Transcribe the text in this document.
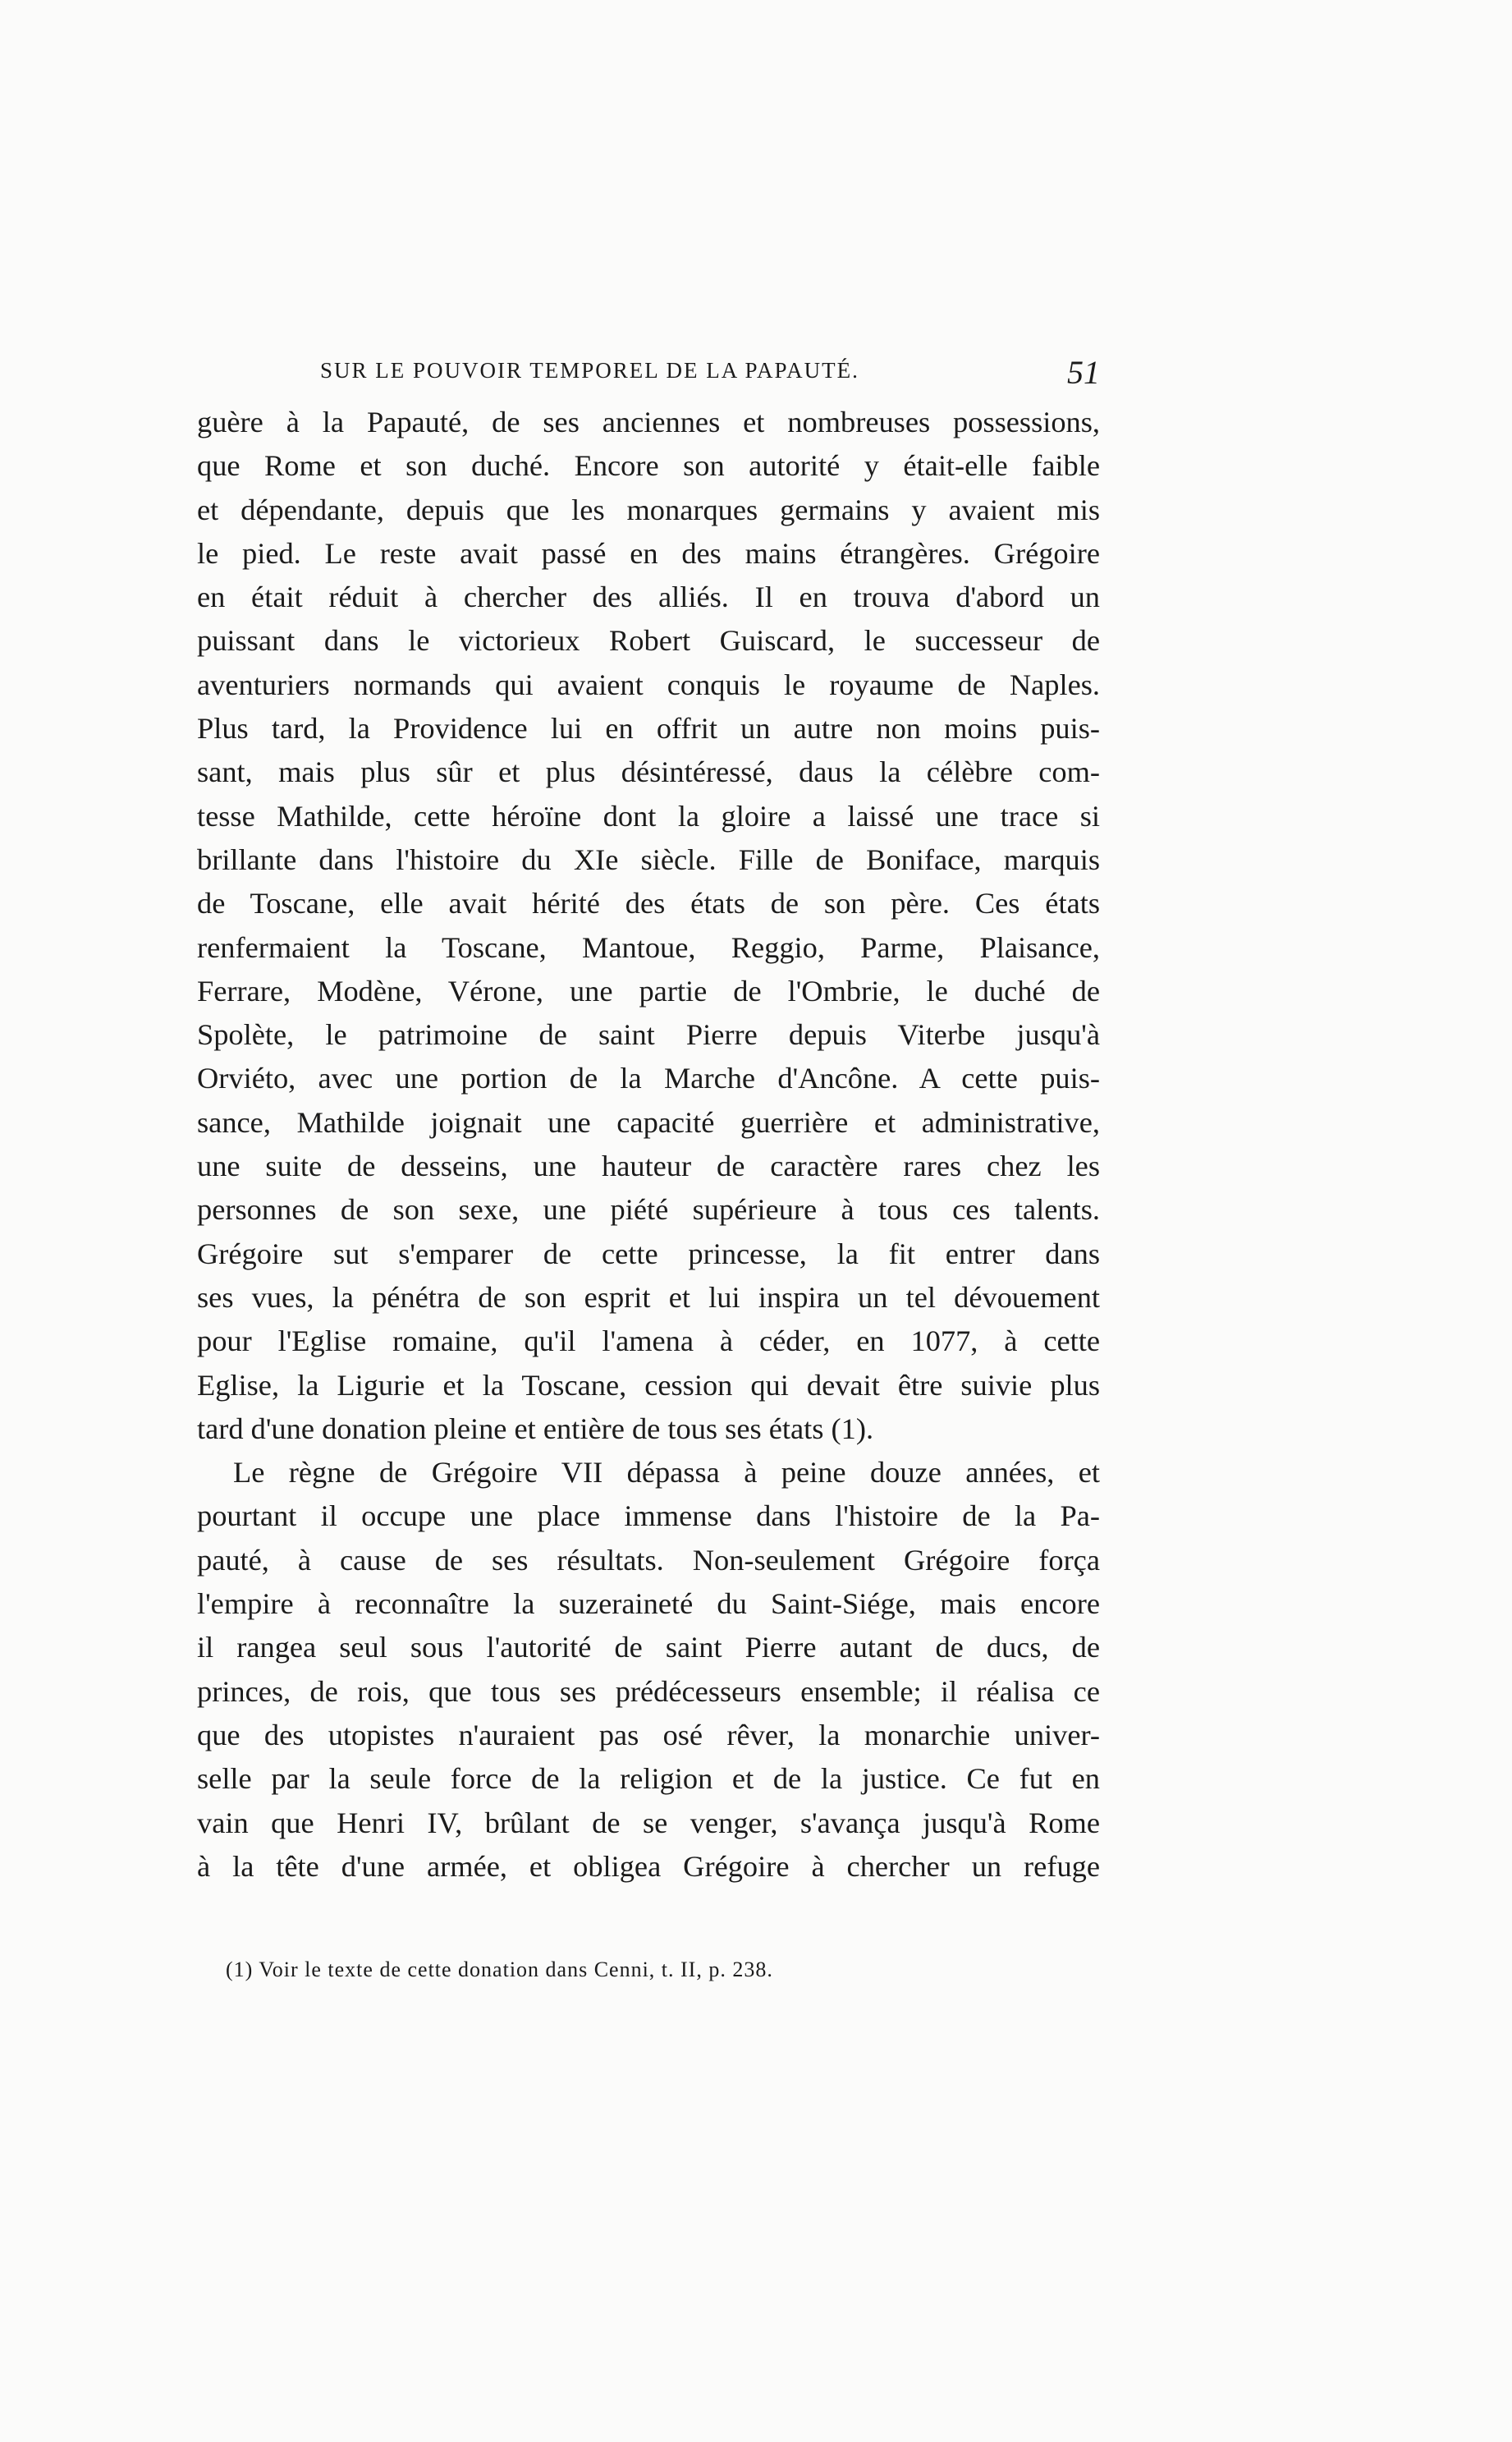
SUR LE POUVOIR TEMPOREL DE LA PAPAUTÉ.	51
guère à la Papauté, de ses anciennes et nombreuses possessions,
que Rome et son duché. Encore son autorité y était-elle faible
et dépendante, depuis que les monarques germains y avaient mis
le pied. Le reste avait passé en des mains étrangères. Grégoire
en était réduit à chercher des alliés. Il en trouva d'abord un
puissant dans le victorieux Robert Guiscard, le successeur de
aventuriers normands qui avaient conquis le royaume de Naples.
Plus tard, la Providence lui en offrit un autre non moins puis-
sant, mais plus sûr et plus désintéressé, daus la célèbre com-
tesse Mathilde, cette héroïne dont la gloire a laissé une trace si
brillante dans l'histoire du XIe siècle. Fille de Boniface, marquis
de Toscane, elle avait hérité des états de son père. Ces états
renfermaient la Toscane, Mantoue, Reggio, Parme, Plaisance,
Ferrare, Modène, Vérone, une partie de l'Ombrie, le duché de
Spolète, le patrimoine de saint Pierre depuis Viterbe jusqu'à
Orviéto, avec une portion de la Marche d'Ancône. A cette puis-
sance, Mathilde joignait une capacité guerrière et administrative,
une suite de desseins, une hauteur de caractère rares chez les
personnes de son sexe, une piété supérieure à tous ces talents.
Grégoire sut s'emparer de cette princesse, la fit entrer dans
ses vues, la pénétra de son esprit et lui inspira un tel dévouement
pour l'Eglise romaine, qu'il l'amena à céder, en 1077, à cette
Eglise, la Ligurie et la Toscane, cession qui devait être suivie plus
tard d'une donation pleine et entière de tous ses états (1).
Le règne de Grégoire VII dépassa à peine douze années, et
pourtant il occupe une place immense dans l'histoire de la Pa-
pauté, à cause de ses résultats. Non-seulement Grégoire força
l'empire à reconnaître la suzeraineté du Saint-Siége, mais encore
il rangea seul sous l'autorité de saint Pierre autant de ducs, de
princes, de rois, que tous ses prédécesseurs ensemble; il réalisa ce
que des utopistes n'auraient pas osé rêver, la monarchie univer-
selle par la seule force de la religion et de la justice. Ce fut en
vain que Henri IV, brûlant de se venger, s'avança jusqu'à Rome
à la tête d'une armée, et obligea Grégoire à chercher un refuge
(1) Voir le texte de cette donation dans Cenni, t. II, p. 238.
